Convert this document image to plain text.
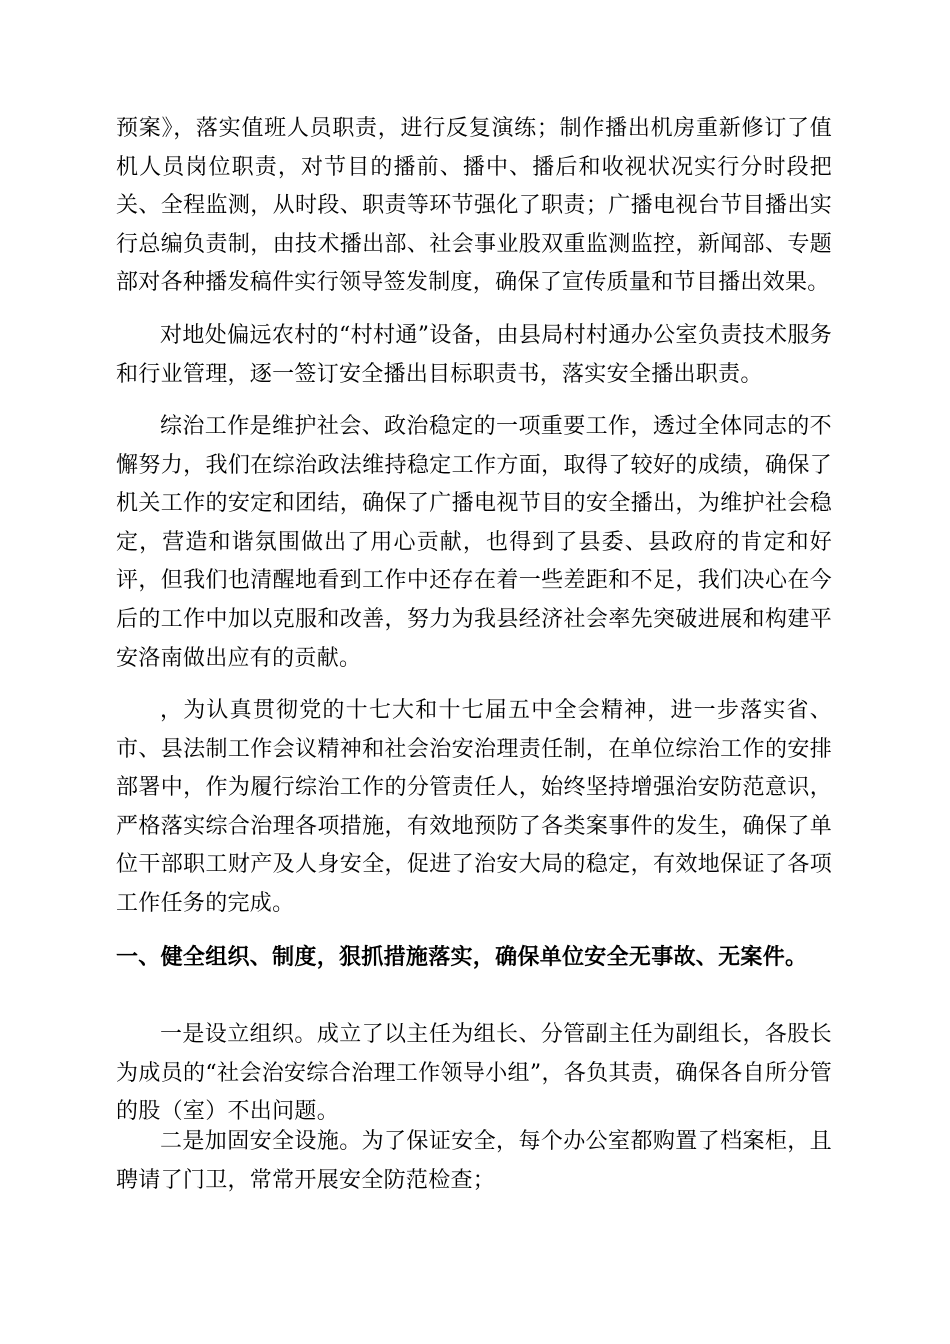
预案》，落实值班人员职责，进行反复演练；制作播出机房重新修订了值机人员岗位职责，对节目的播前、播中、播后和收视状况实行分时段把关、全程监测，从时段、职责等环节强化了职责；广播电视台节目播出实行总编负责制，由技术播出部、社会事业股双重监测监控，新闻部、专题部对各种播发稿件实行领导签发制度，确保了宣传质量和节目播出效果。

对地处偏远农村的“村村通”设备，由县局村村通办公室负责技术服务和行业管理，逐一签订安全播出目标职责书，落实安全播出职责。

综治工作是维护社会、政治稳定的一项重要工作，透过全体同志的不懈努力，我们在综治政法维持稳定工作方面，取得了较好的成绩，确保了机关工作的安定和团结，确保了广播电视节目的安全播出，为维护社会稳定，营造和谐氛围做出了用心贡献，也得到了县委、县政府的肯定和好评，但我们也清醒地看到工作中还存在着一些差距和不足，我们决心在今后的工作中加以克服和改善，努力为我县经济社会率先突破进展和构建平安洛南做出应有的贡献。

，为认真贯彻党的十七大和十七届五中全会精神，进一步落实省、市、县法制工作会议精神和社会治安治理责任制，在单位综治工作的安排部署中，作为履行综治工作的分管责任人，始终坚持增强治安防范意识，严格落实综合治理各项措施，有效地预防了各类案事件的发生，确保了单位干部职工财产及人身安全，促进了治安大局的稳定，有效地保证了各项工作任务的完成。

一、健全组织、制度，狠抓措施落实，确保单位安全无事故、无案件。

一是设立组织。成立了以主任为组长、分管副主任为副组长，各股长为成员的“社会治安综合治理工作领导小组”，各负其责，确保各自所分管的股（室）不出问题。

二是加固安全设施。为了保证安全，每个办公室都购置了档案柜，且聘请了门卫，常常开展安全防范检查；
